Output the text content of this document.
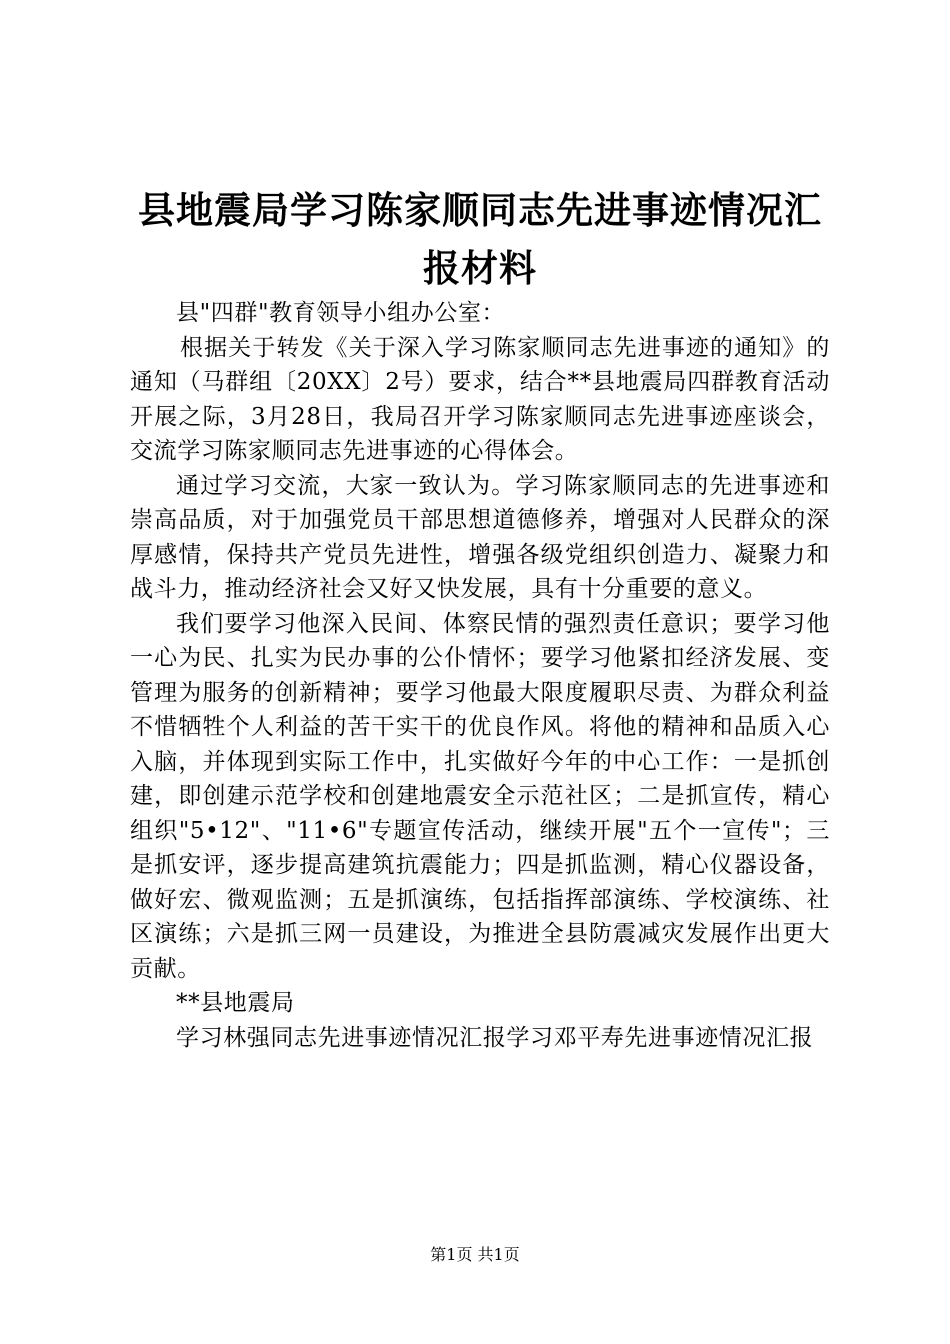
县地震局学习陈家顺同志先进事迹情况汇报材料

县"四群"教育领导小组办公室：

根据关于转发《关于深入学习陈家顺同志先进事迹的通知》的通知（马群组〔20XX〕2号）要求，结合**县地震局四群教育活动开展之际，3月28日，我局召开学习陈家顺同志先进事迹座谈会，交流学习陈家顺同志先进事迹的心得体会。

通过学习交流，大家一致认为。学习陈家顺同志的先进事迹和崇高品质，对于加强党员干部思想道德修养，增强对人民群众的深厚感情，保持共产党员先进性，增强各级党组织创造力、凝聚力和战斗力，推动经济社会又好又快发展，具有十分重要的意义。

我们要学习他深入民间、体察民情的强烈责任意识；要学习他一心为民、扎实为民办事的公仆情怀；要学习他紧扣经济发展、变管理为服务的创新精神；要学习他最大限度履职尽责、为群众利益不惜牺牲个人利益的苦干实干的优良作风。将他的精神和品质入心入脑，并体现到实际工作中，扎实做好今年的中心工作：一是抓创建，即创建示范学校和创建地震安全示范社区；二是抓宣传，精心组织"5•12"、"11•6"专题宣传活动，继续开展"五个一宣传"；三是抓安评，逐步提高建筑抗震能力；四是抓监测，精心仪器设备，做好宏、微观监测；五是抓演练，包括指挥部演练、学校演练、社区演练；六是抓三网一员建设，为推进全县防震减灾发展作出更大贡献。

**县地震局

学习林强同志先进事迹情况汇报学习邓平寿先进事迹情况汇报

第1页 共1页
